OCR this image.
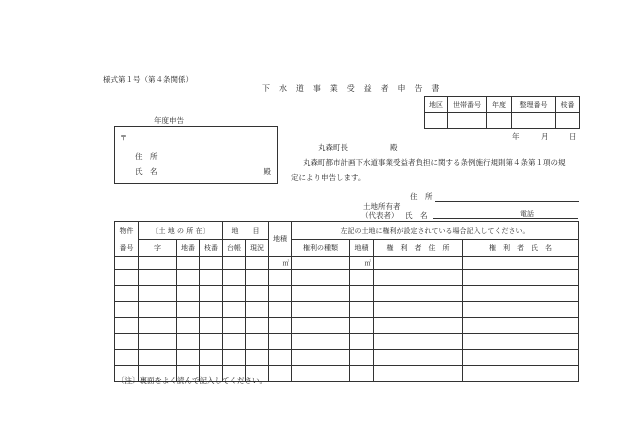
様式第１号（第４条関係）
下 水 道 事 業 受 益 者 申 告 書
地区	世帯番号	年度	整理番号	枝番

年	月	日
年度申告
〒
住　所
氏　名	殿
丸森町長	殿
丸森町都市計画下水道事業受益者負担に関する条例施行規則第４条第１項の規
定により申告します。
住　所
土地所有者
（代表者） 氏　名	電話
物件	〔土 地 の 所 在〕			地　　目		地積	左記の土地に権利が設定されている場合記入してください。			
番号	字	地番	枝番	台帳	現況		権利の種類	地積	権　利　者　住　所	権　利　者　氏　名
						㎡		㎡		

〔注〕裏面をよく読んで記入してください。
